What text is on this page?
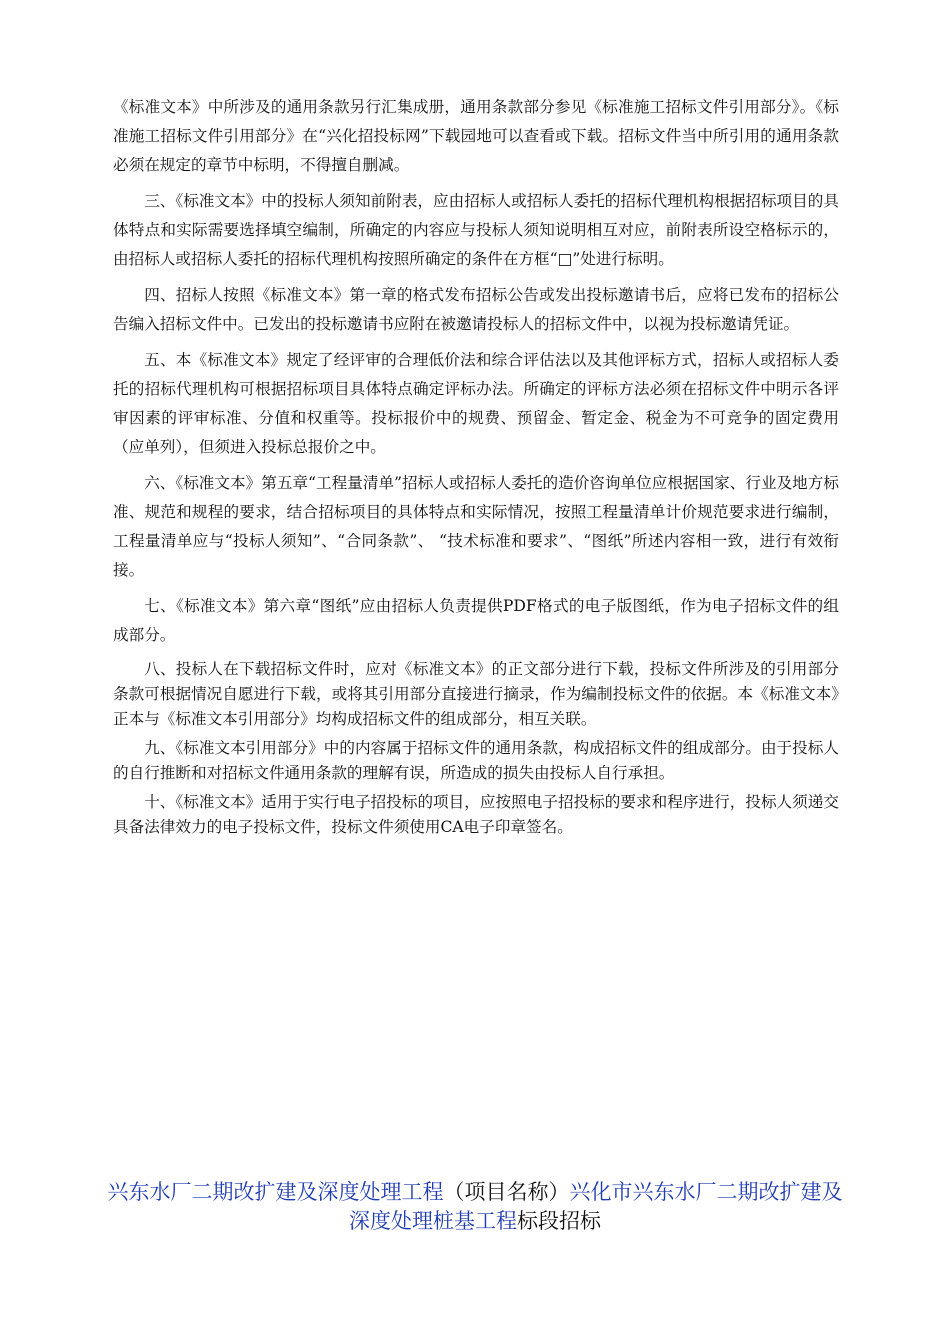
《标准文本》中所涉及的通用条款另行汇集成册，通用条款部分参见《标准施工招标文件引用部分》。《标准施工招标文件引用部分》在“兴化招投标网”下载园地可以查看或下载。招标文件当中所引用的通用条款必须在规定的章节中标明，不得擅自删减。

三、《标准文本》中的投标人须知前附表，应由招标人或招标人委托的招标代理机构根据招标项目的具体特点和实际需要选择填空编制，所确定的内容应与投标人须知说明相互对应，前附表所设空格标示的，由招标人或招标人委托的招标代理机构按照所确定的条件在方框“□”处进行标明。

四、招标人按照《标准文本》第一章的格式发布招标公告或发出投标邀请书后，应将已发布的招标公告编入招标文件中。已发出的投标邀请书应附在被邀请投标人的招标文件中，以视为投标邀请凭证。

五、本《标准文本》规定了经评审的合理低价法和综合评估法以及其他评标方式，招标人或招标人委托的招标代理机构可根据招标项目具体特点确定评标办法。所确定的评标方法必须在招标文件中明示各评审因素的评审标准、分值和权重等。投标报价中的规费、预留金、暂定金、税金为不可竞争的固定费用（应单列），但须进入投标总报价之中。

六、《标准文本》第五章“工程量清单”招标人或招标人委托的造价咨询单位应根据国家、行业及地方标准、规范和规程的要求，结合招标项目的具体特点和实际情况，按照工程量清单计价规范要求进行编制，工程量清单应与“投标人须知”、“合同条款”、 “技术标准和要求”、“图纸”所述内容相一致，进行有效衔接。

七、《标准文本》第六章“图纸”应由招标人负责提供PDF格式的电子版图纸，作为电子招标文件的组成部分。

八、投标人在下载招标文件时，应对《标准文本》的正文部分进行下载，投标文件所涉及的引用部分条款可根据情况自愿进行下载，或将其引用部分直接进行摘录，作为编制投标文件的依据。本《标准文本》正本与《标准文本引用部分》均构成招标文件的组成部分，相互关联。

九、《标准文本引用部分》中的内容属于招标文件的通用条款，构成招标文件的组成部分。由于投标人的自行推断和对招标文件通用条款的理解有误，所造成的损失由投标人自行承担。

十、《标准文本》适用于实行电子招投标的项目，应按照电子招投标的要求和程序进行，投标人须递交具备法律效力的电子投标文件，投标文件须使用CA电子印章签名。

兴东水厂二期改扩建及深度处理工程（项目名称）兴化市兴东水厂二期改扩建及深度处理桩基工程标段招标
